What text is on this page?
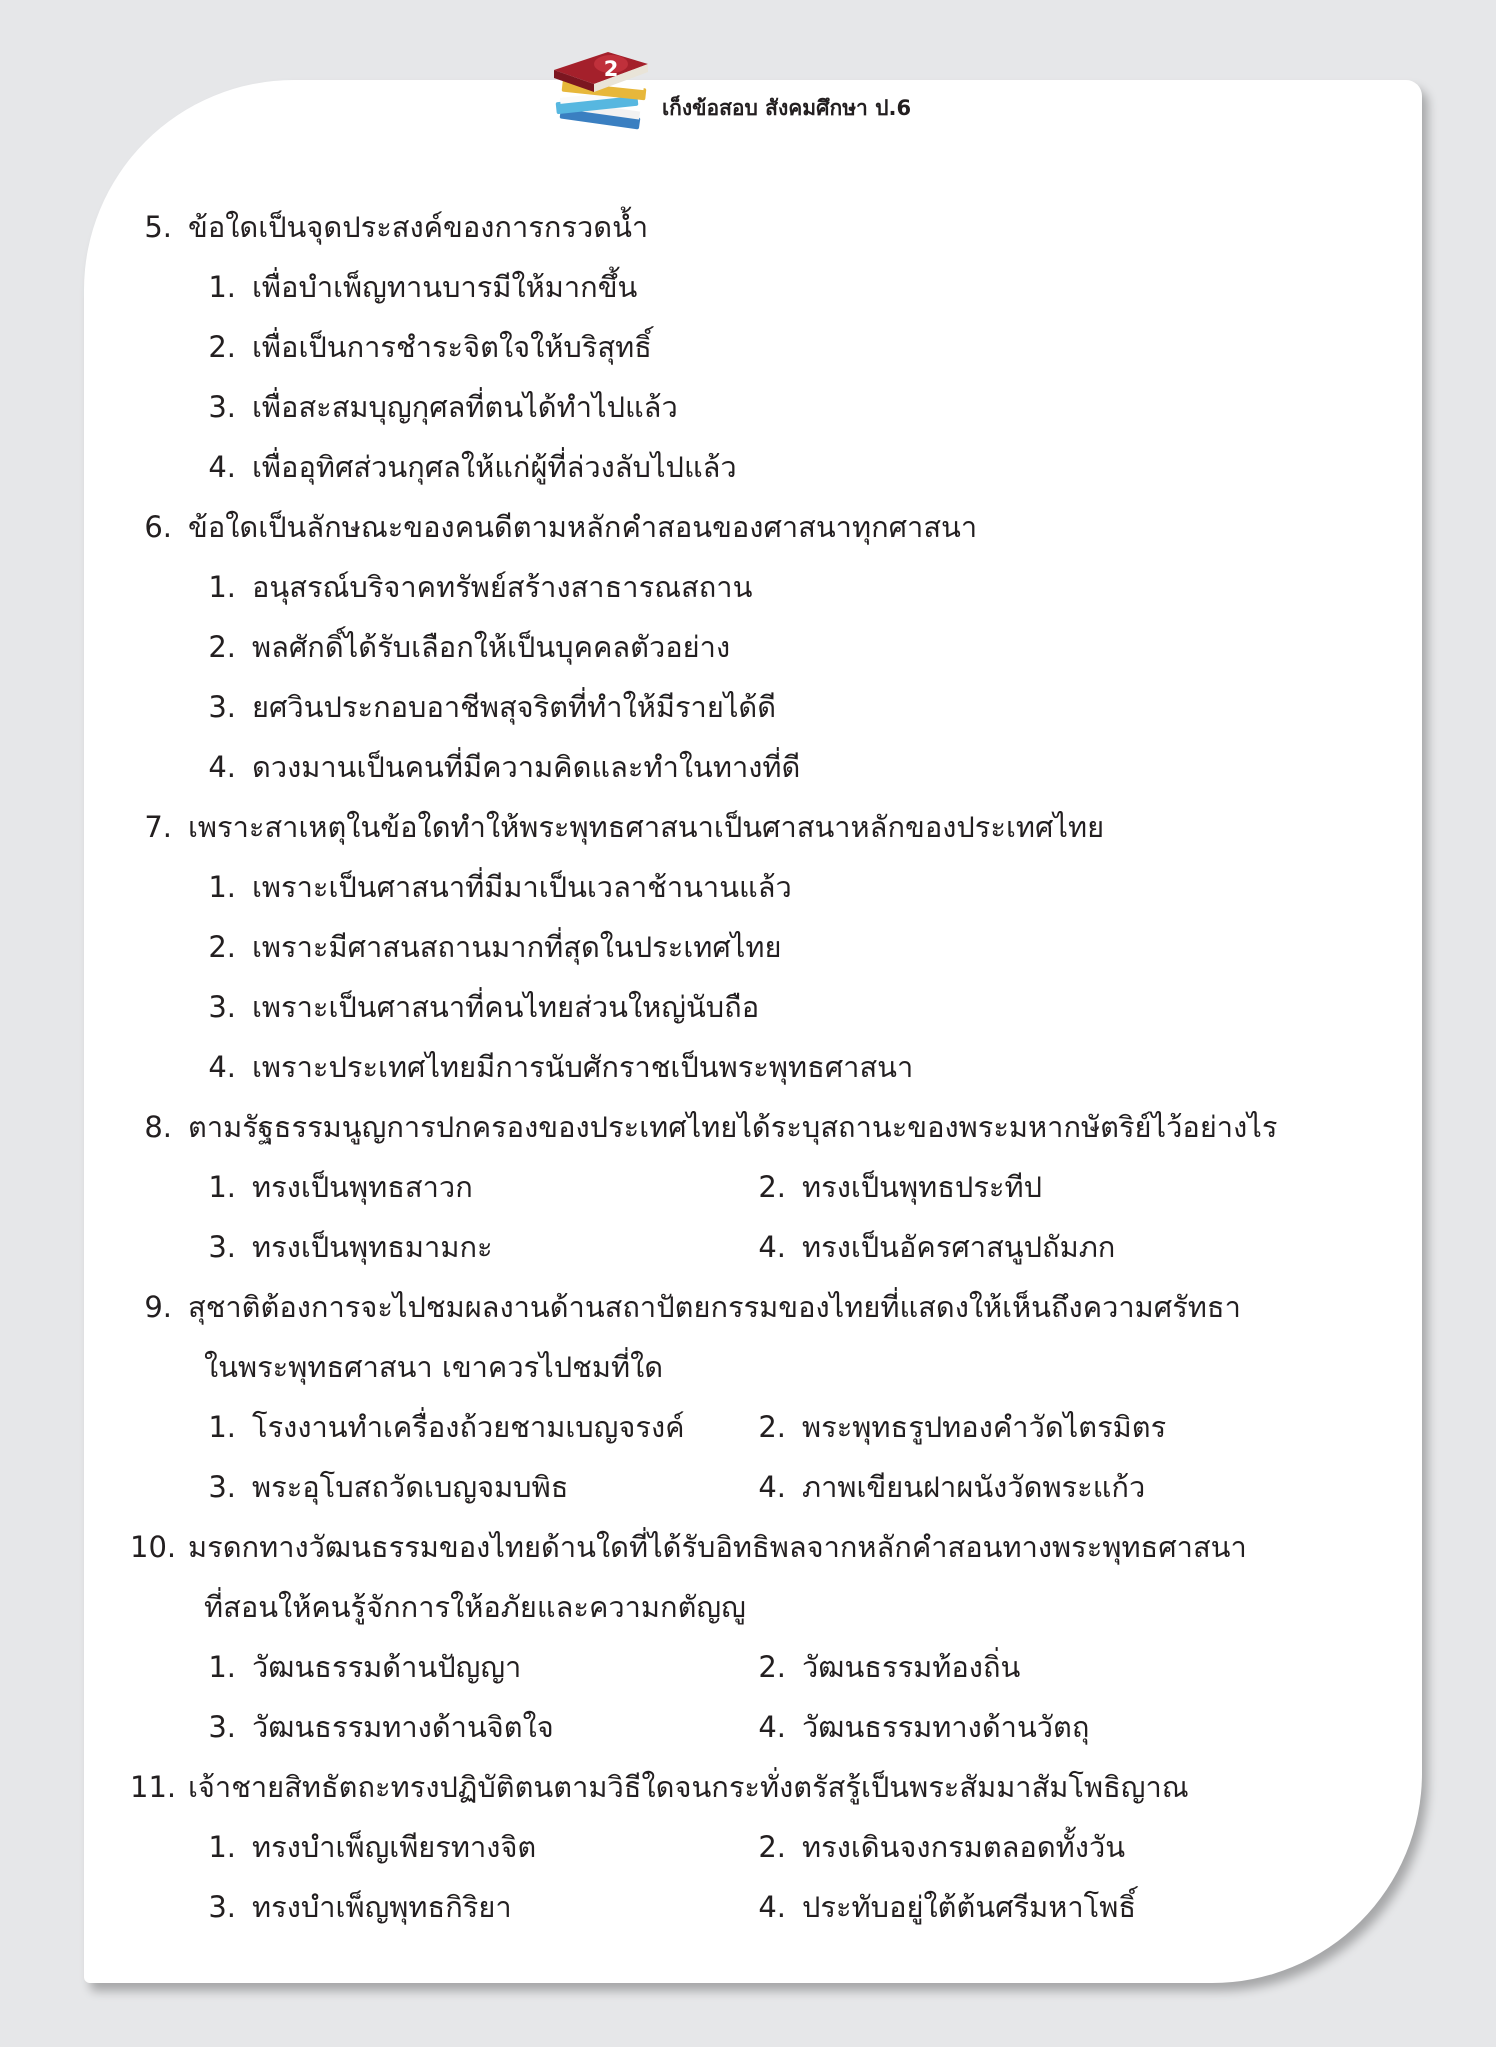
2
เก็งข้อสอบ สังคมศึกษา ป.6
5. ข้อใดเป็นจุดประสงค์ของการกรวดน้ำ
1. เพื่อบำเพ็ญทานบารมีให้มากขึ้น
2. เพื่อเป็นการชำระจิตใจให้บริสุทธิ์
3. เพื่อสะสมบุญกุศลที่ตนได้ทำไปแล้ว
4. เพื่ออุทิศส่วนกุศลให้แก่ผู้ที่ล่วงลับไปแล้ว
6. ข้อใดเป็นลักษณะของคนดีตามหลักคำสอนของศาสนาทุกศาสนา
1. อนุสรณ์บริจาคทรัพย์สร้างสาธารณสถาน
2. พลศักดิ์ได้รับเลือกให้เป็นบุคคลตัวอย่าง
3. ยศวินประกอบอาชีพสุจริตที่ทำให้มีรายได้ดี
4. ดวงมานเป็นคนที่มีความคิดและทำในทางที่ดี
7. เพราะสาเหตุในข้อใดทำให้พระพุทธศาสนาเป็นศาสนาหลักของประเทศไทย
1. เพราะเป็นศาสนาที่มีมาเป็นเวลาช้านานแล้ว
2. เพราะมีศาสนสถานมากที่สุดในประเทศไทย
3. เพราะเป็นศาสนาที่คนไทยส่วนใหญ่นับถือ
4. เพราะประเทศไทยมีการนับศักราชเป็นพระพุทธศาสนา
8. ตามรัฐธรรมนูญการปกครองของประเทศไทยได้ระบุสถานะของพระมหากษัตริย์ไว้อย่างไร
1. ทรงเป็นพุทธสาวก	2. ทรงเป็นพุทธประทีป
3. ทรงเป็นพุทธมามกะ	4. ทรงเป็นอัครศาสนูปถัมภก
9. สุชาติต้องการจะไปชมผลงานด้านสถาปัตยกรรมของไทยที่แสดงให้เห็นถึงความศรัทธา
ในพระพุทธศาสนา เขาควรไปชมที่ใด
1. โรงงานทำเครื่องถ้วยชามเบญจรงค์	2. พระพุทธรูปทองคำวัดไตรมิตร
3. พระอุโบสถวัดเบญจมบพิธ	4. ภาพเขียนฝาผนังวัดพระแก้ว
10. มรดกทางวัฒนธรรมของไทยด้านใดที่ได้รับอิทธิพลจากหลักคำสอนทางพระพุทธศาสนา
ที่สอนให้คนรู้จักการให้อภัยและความกตัญญู
1. วัฒนธรรมด้านปัญญา	2. วัฒนธรรมท้องถิ่น
3. วัฒนธรรมทางด้านจิตใจ	4. วัฒนธรรมทางด้านวัตถุ
11. เจ้าชายสิทธัตถะทรงปฏิบัติตนตามวิธีใดจนกระทั่งตรัสรู้เป็นพระสัมมาสัมโพธิญาณ
1. ทรงบำเพ็ญเพียรทางจิต	2. ทรงเดินจงกรมตลอดทั้งวัน
3. ทรงบำเพ็ญพุทธกิริยา	4. ประทับอยู่ใต้ต้นศรีมหาโพธิ์
